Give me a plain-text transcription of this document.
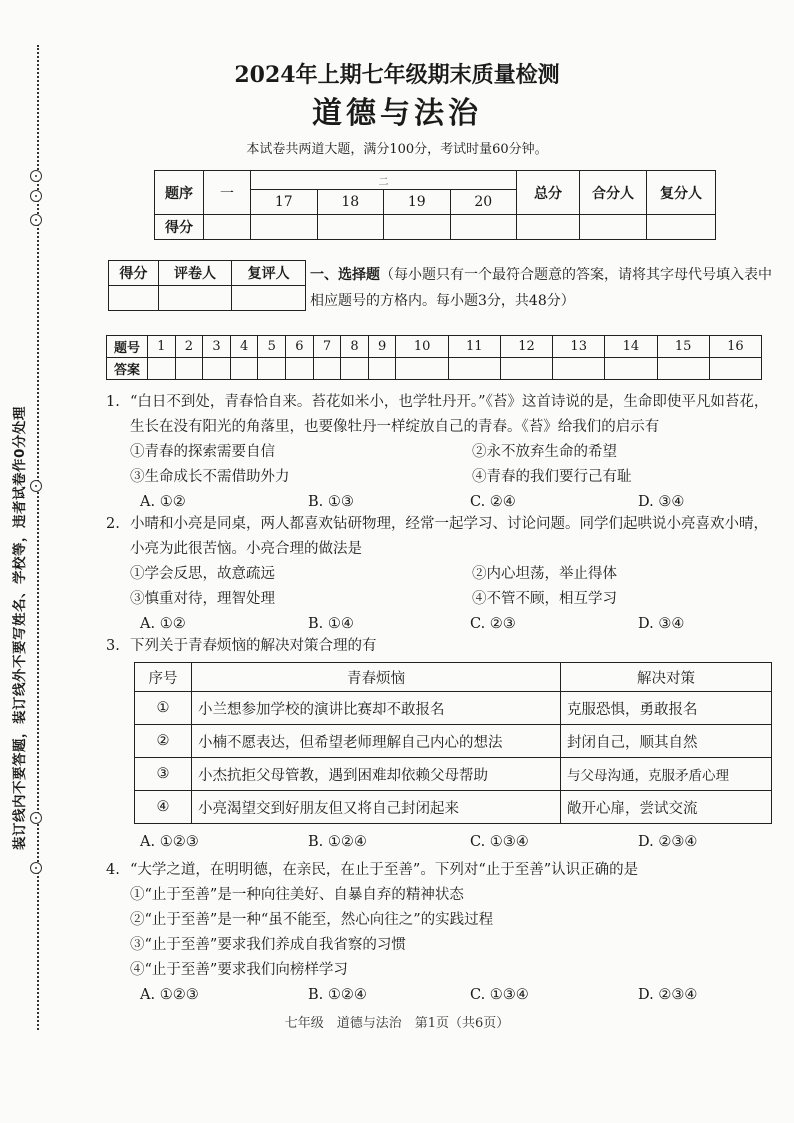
装订线内不要答题，装订线外不要写姓名、学校等，违者试卷作0分处理
2024年上期七年级期末质量检测
道德与法治
本试卷共两道大题，满分100分，考试时量60分钟。
题序	一	二				总分	合分人	复分人
		17	18	19	20			
得分								
得分	评卷人	复评人
		一、选择题（每小题只有一个最符合题意的答案，请将其字母代号填入表中相应题号的方格内。每小题3分，共48分）
题号	1	2	3	4	5	6	7	8	9	10	11	12	13	14	15	16
答案																
1. “白日不到处，青春恰自来。苔花如米小，也学牡丹开。”《苔》这首诗说的是，生命即使平凡如苔花，生长在没有阳光的角落里，也要像牡丹一样绽放自己的青春。《苔》给我们的启示有
①青春的探索需要自信	②永不放弃生命的希望
③生命成长不需借助外力	④青春的我们要行己有耻
A. ①②	B. ①③	C. ②④	D. ③④
2. 小晴和小亮是同桌，两人都喜欢钻研物理，经常一起学习、讨论问题。同学们起哄说小亮喜欢小晴，小亮为此很苦恼。小亮合理的做法是
①学会反思，故意疏远	②内心坦荡，举止得体
③慎重对待，理智处理	④不管不顾，相互学习
A. ①②	B. ①④	C. ②③	D. ③④
3. 下列关于青春烦恼的解决对策合理的有
序号	青春烦恼	解决对策
①	小兰想参加学校的演讲比赛却不敢报名	克服恐惧，勇敢报名
②	小楠不愿表达，但希望老师理解自己内心的想法	封闭自己，顺其自然
③	小杰抗拒父母管教，遇到困难却依赖父母帮助	与父母沟通，克服矛盾心理
④	小亮渴望交到好朋友但又将自己封闭起来	敞开心扉，尝试交流
A. ①②③	B. ①②④	C. ①③④	D. ②③④
4. “大学之道，在明明德，在亲民，在止于至善”。下列对“止于至善”认识正确的是
①“止于至善”是一种向往美好、自暴自弃的精神状态
②“止于至善”是一种“虽不能至，然心向往之”的实践过程
③“止于至善”要求我们养成自我省察的习惯
④“止于至善”要求我们向榜样学习
A. ①②③	B. ①②④	C. ①③④	D. ②③④
七年级　道德与法治　第1页（共6页）
